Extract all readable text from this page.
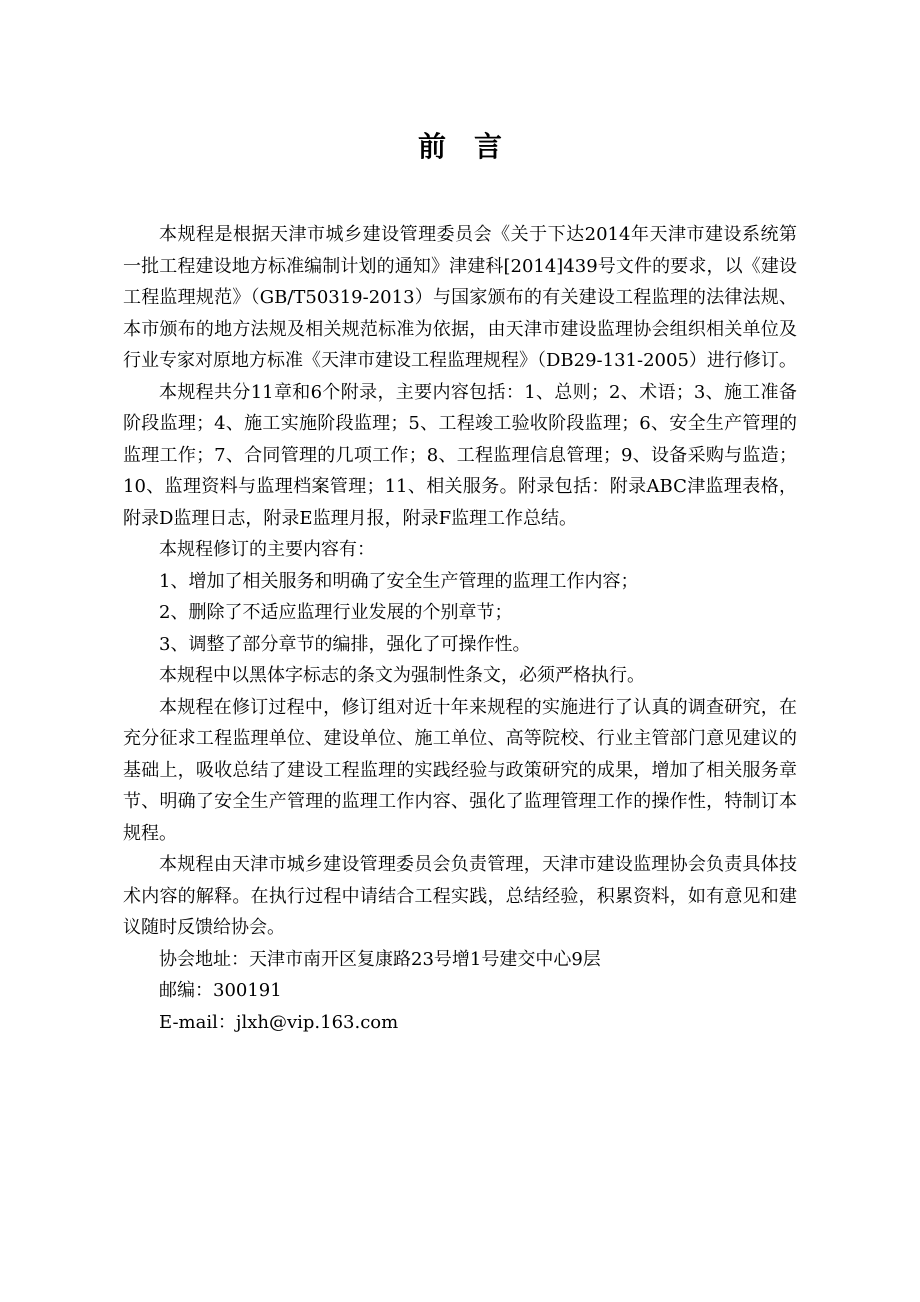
前言

本规程是根据天津市城乡建设管理委员会《关于下达2014年天津市建设系统第一批工程建设地方标准编制计划的通知》津建科[2014]439号文件的要求，以《建设工程监理规范》（GB/T50319-2013）与国家颁布的有关建设工程监理的法律法规、本市颁布的地方法规及相关规范标准为依据，由天津市建设监理协会组织相关单位及行业专家对原地方标准《天津市建设工程监理规程》（DB29-131-2005）进行修订。

本规程共分11章和6个附录，主要内容包括：1、总则；2、术语；3、施工准备阶段监理；4、施工实施阶段监理；5、工程竣工验收阶段监理；6、安全生产管理的监理工作；7、合同管理的几项工作；8、工程监理信息管理；9、设备采购与监造；10、监理资料与监理档案管理；11、相关服务。附录包括：附录ABC津监理表格，附录D监理日志，附录E监理月报，附录F监理工作总结。

本规程修订的主要内容有：

1、增加了相关服务和明确了安全生产管理的监理工作内容；

2、删除了不适应监理行业发展的个别章节；

3、调整了部分章节的编排，强化了可操作性。

本规程中以黑体字标志的条文为强制性条文，必须严格执行。

本规程在修订过程中，修订组对近十年来规程的实施进行了认真的调查研究，在充分征求工程监理单位、建设单位、施工单位、高等院校、行业主管部门意见建议的基础上，吸收总结了建设工程监理的实践经验与政策研究的成果，增加了相关服务章节、明确了安全生产管理的监理工作内容、强化了监理管理工作的操作性，特制订本规程。

本规程由天津市城乡建设管理委员会负责管理，天津市建设监理协会负责具体技术内容的解释。在执行过程中请结合工程实践，总结经验，积累资料，如有意见和建议随时反馈给协会。

协会地址：天津市南开区复康路23号增1号建交中心9层

邮编：300191

E-mail：jlxh@vip.163.com
